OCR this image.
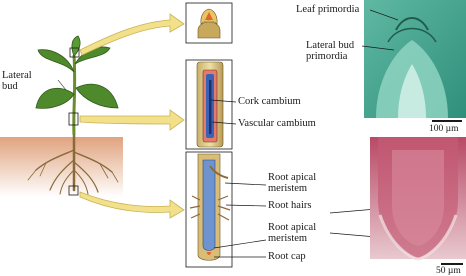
Lateral
bud
Cork cambium
Vascular cambium
Root apical
meristem
Root hairs
Root apical
meristem
Root cap
Leaf primordia
Lateral bud
primordia
100 µm
50 µm
